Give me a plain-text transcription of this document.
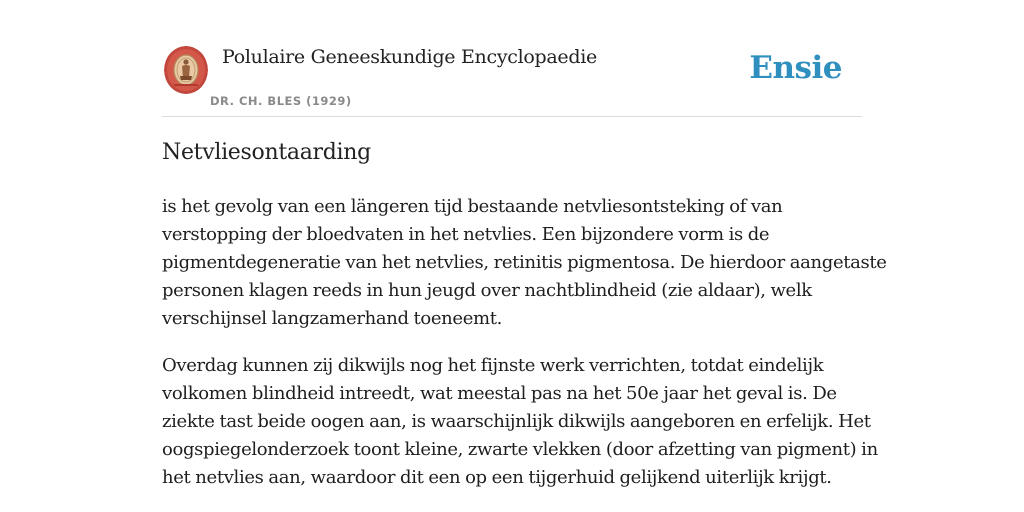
Polulaire Geneeskundige Encyclopaedie
DR. CH. BLES (1929)
Ensie
Netvliesontaarding

is het gevolg van een längeren tijd bestaande netvliesontsteking of van
verstopping der bloedvaten in het netvlies. Een bijzondere vorm is de
pigmentdegeneratie van het netvlies, retinitis pigmentosa. De hierdoor aangetaste
personen klagen reeds in hun jeugd over nachtblindheid (zie aldaar), welk
verschijnsel langzamerhand toeneemt.

Overdag kunnen zij dikwijls nog het fijnste werk verrichten, totdat eindelijk
volkomen blindheid intreedt, wat meestal pas na het 50e jaar het geval is. De
ziekte tast beide oogen aan, is waarschijnlijk dikwijls aangeboren en erfelijk. Het
oogspiegelonderzoek toont kleine, zwarte vlekken (door afzetting van pigment) in
het netvlies aan, waardoor dit een op een tijgerhuid gelijkend uiterlijk krijgt.
